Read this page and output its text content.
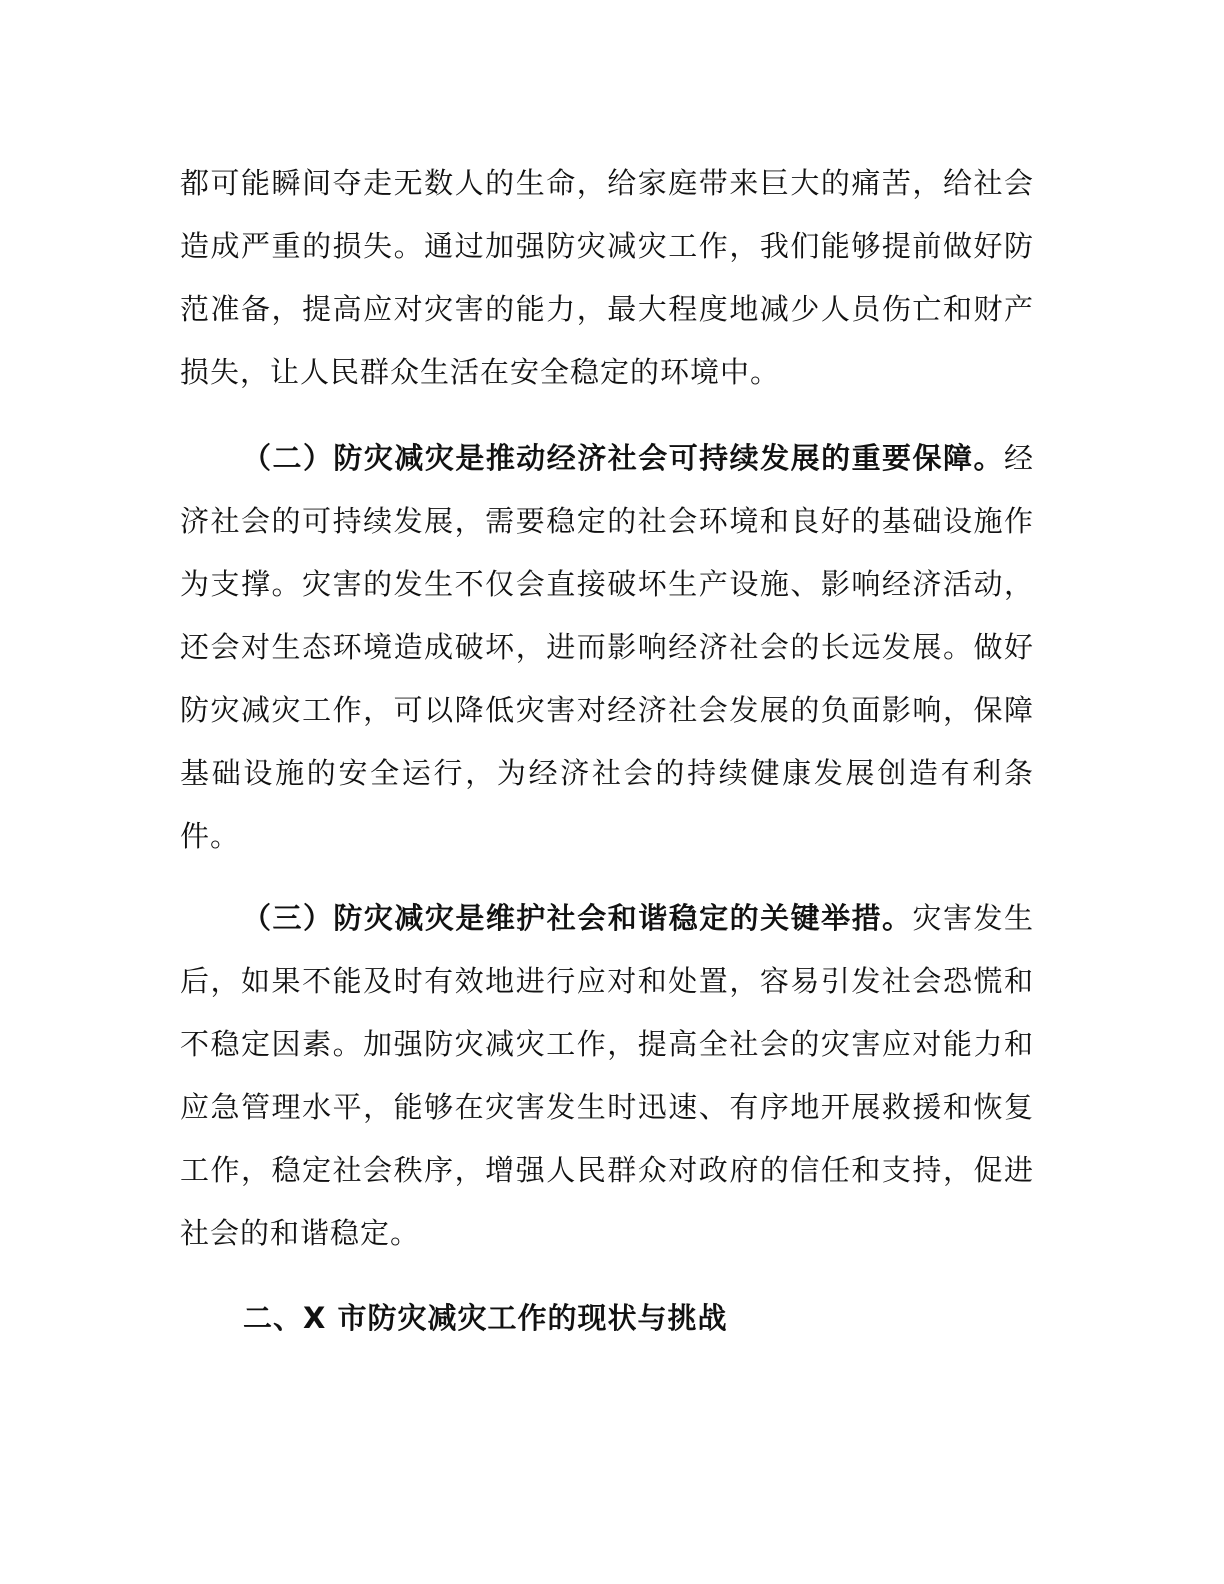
都可能瞬间夺走无数人的生命，给家庭带来巨大的痛苦，给社会造成严重的损失。通过加强防灾减灾工作，我们能够提前做好防范准备，提高应对灾害的能力，最大程度地减少人员伤亡和财产损失，让人民群众生活在安全稳定的环境中。

（二）防灾减灾是推动经济社会可持续发展的重要保障。经济社会的可持续发展，需要稳定的社会环境和良好的基础设施作为支撑。灾害的发生不仅会直接破坏生产设施、影响经济活动，还会对生态环境造成破坏，进而影响经济社会的长远发展。做好防灾减灾工作，可以降低灾害对经济社会发展的负面影响，保障基础设施的安全运行，为经济社会的持续健康发展创造有利条件。

（三）防灾减灾是维护社会和谐稳定的关键举措。灾害发生后，如果不能及时有效地进行应对和处置，容易引发社会恐慌和不稳定因素。加强防灾减灾工作，提高全社会的灾害应对能力和应急管理水平，能够在灾害发生时迅速、有序地开展救援和恢复工作，稳定社会秩序，增强人民群众对政府的信任和支持，促进社会的和谐稳定。

二、X 市防灾减灾工作的现状与挑战
